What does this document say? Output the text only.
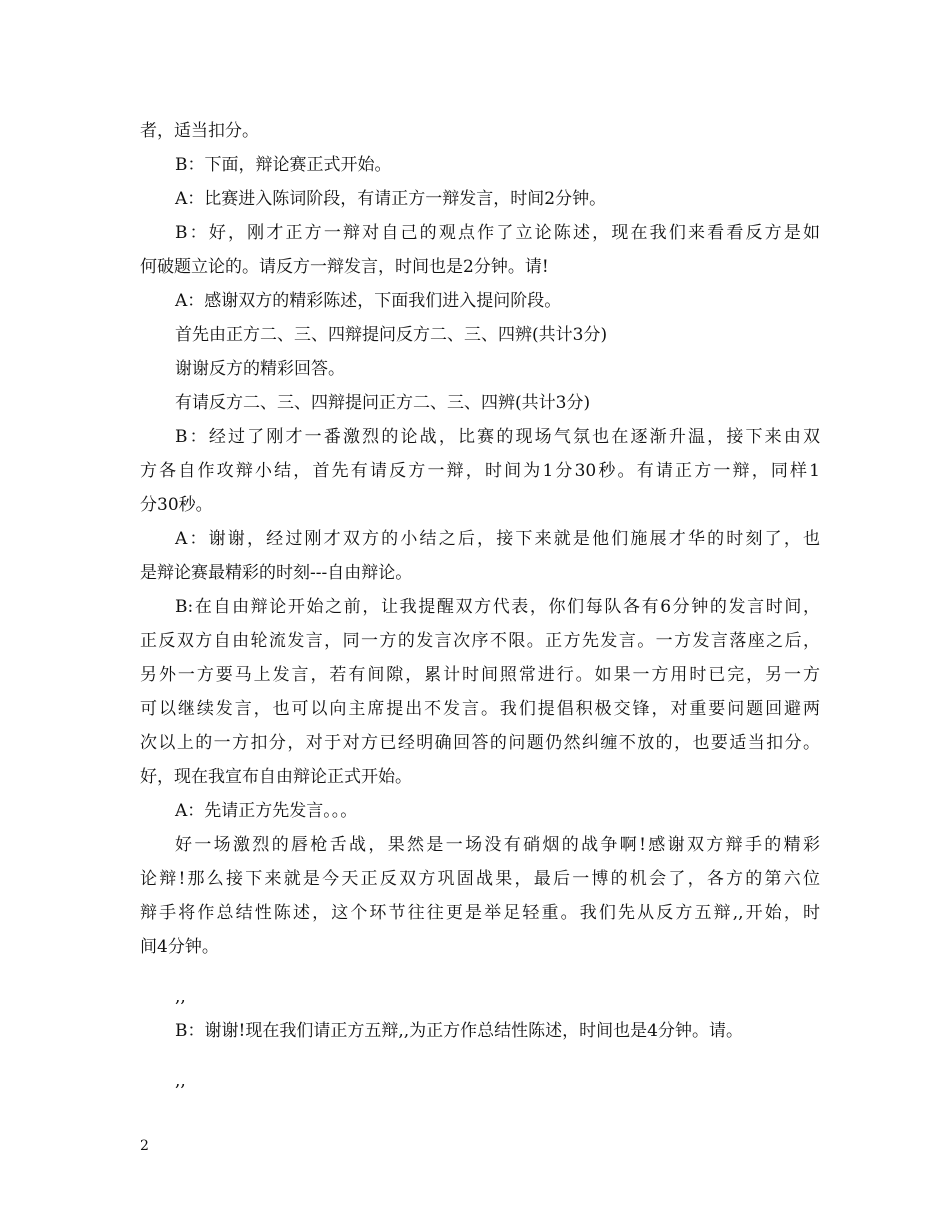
者，适当扣分。

B：下面，辩论赛正式开始。

A：比赛进入陈词阶段，有请正方一辩发言，时间2分钟。

B：好，刚才正方一辩对自己的观点作了立论陈述，现在我们来看看反方是如

何破题立论的。请反方一辩发言，时间也是2分钟。请!

A：感谢双方的精彩陈述，下面我们进入提问阶段。

首先由正方二、三、四辩提问反方二、三、四辨(共计3分)

谢谢反方的精彩回答。

有请反方二、三、四辩提问正方二、三、四辨(共计3分)

B：经过了刚才一番激烈的论战，比赛的现场气氛也在逐渐升温，接下来由双

方各自作攻辩小结，首先有请反方一辩，时间为1分30秒。有请正方一辩，同样1

分30秒。

A：谢谢，经过刚才双方的小结之后，接下来就是他们施展才华的时刻了，也

是辩论赛最精彩的时刻---自由辩论。

B:在自由辩论开始之前，让我提醒双方代表，你们每队各有6分钟的发言时间，

正反双方自由轮流发言，同一方的发言次序不限。正方先发言。一方发言落座之后，

另外一方要马上发言，若有间隙，累计时间照常进行。如果一方用时已完，另一方

可以继续发言，也可以向主席提出不发言。我们提倡积极交锋，对重要问题回避两

次以上的一方扣分，对于对方已经明确回答的问题仍然纠缠不放的，也要适当扣分。

好，现在我宣布自由辩论正式开始。

A：先请正方先发言。。。

好一场激烈的唇枪舌战，果然是一场没有硝烟的战争啊!感谢双方辩手的精彩

论辩!那么接下来就是今天正反双方巩固战果，最后一博的机会了，各方的第六位

辩手将作总结性陈述，这个环节往往更是举足轻重。我们先从反方五辩,,开始，时

间4分钟。

,,

B：谢谢!现在我们请正方五辩,,为正方作总结性陈述，时间也是4分钟。请。

,,

2
